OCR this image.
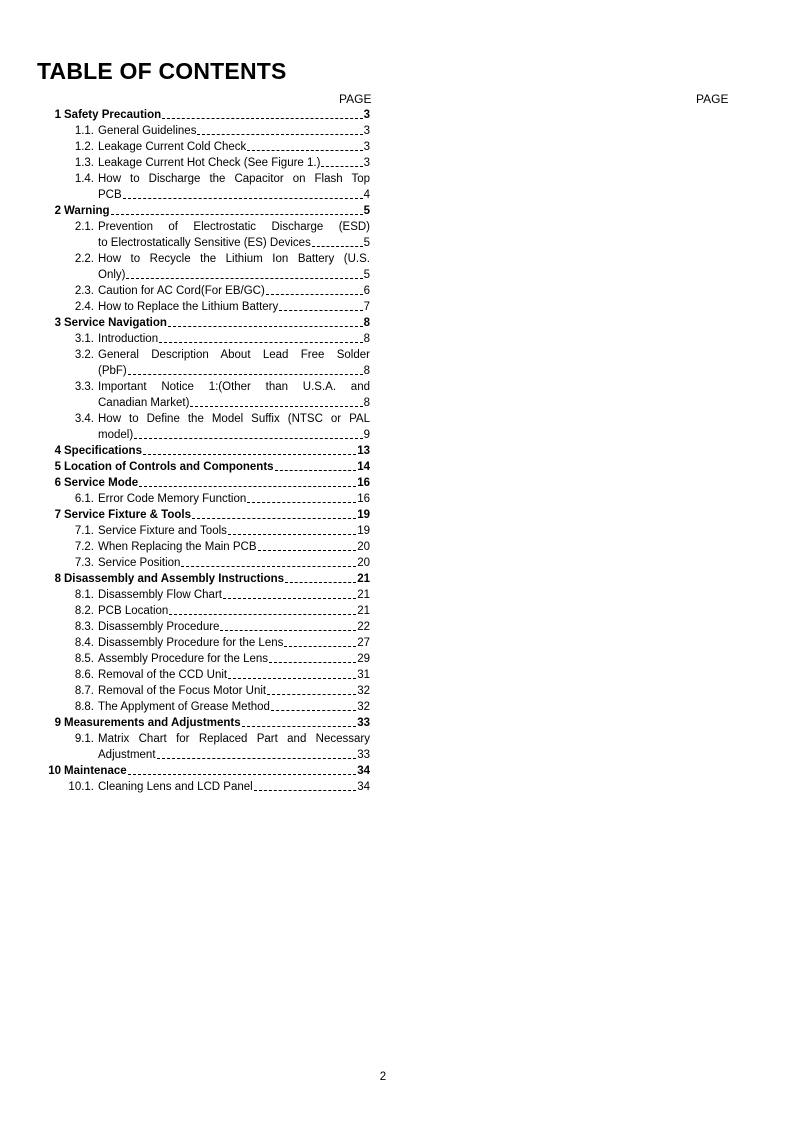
TABLE OF CONTENTS
PAGE	PAGE
1 Safety Precaution	3
1.1. General Guidelines	3
1.2. Leakage Current Cold Check	3
1.3. Leakage Current Hot Check (See Figure 1.)	3
1.4. How to Discharge the Capacitor on Flash Top
PCB	4
2 Warning	5
2.1. Prevention of Electrostatic Discharge (ESD)
to Electrostatically Sensitive (ES) Devices	5
2.2. How to Recycle the Lithium Ion Battery (U.S.
Only)	5
2.3. Caution for AC Cord(For EB/GC)	6
2.4. How to Replace the Lithium Battery	7
3 Service Navigation	8
3.1. Introduction	8
3.2. General Description About Lead Free Solder
(PbF)	8
3.3. Important Notice 1:(Other than U.S.A. and
Canadian Market)	8
3.4. How to Define the Model Suffix (NTSC or PAL
model)	9
4 Specifications	13
5 Location of Controls and Components	14
6 Service Mode	16
6.1. Error Code Memory Function	16
7 Service Fixture & Tools	19
7.1. Service Fixture and Tools	19
7.2. When Replacing the Main PCB	20
7.3. Service Position	20
8 Disassembly and Assembly Instructions	21
8.1. Disassembly Flow Chart	21
8.2. PCB Location	21
8.3. Disassembly Procedure	22
8.4. Disassembly Procedure for the Lens	27
8.5. Assembly Procedure for the Lens	29
8.6. Removal of the CCD Unit	31
8.7. Removal of the Focus Motor Unit	32
8.8. The Applyment of Grease Method	32
9 Measurements and Adjustments	33
9.1. Matrix Chart for Replaced Part and Necessary
Adjustment	33
10 Maintenace	34
10.1. Cleaning Lens and LCD Panel	34
2
